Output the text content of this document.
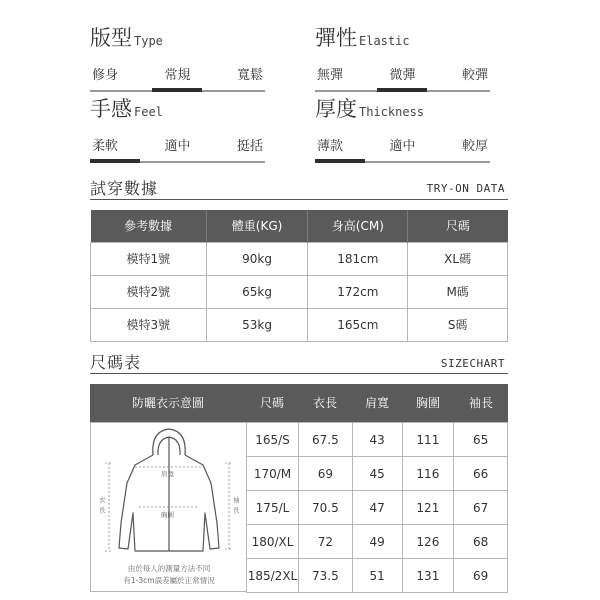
版型 Type
修身	常規	寬鬆
彈性 Elastic
無彈	微彈	較彈
手感 Feel
柔軟	適中	挺括
厚度 Thickness
薄款	適中	較厚
試穿數據	TRY-ON DATA
參考數據	體重(KG)	身高(CM)	尺碼
模特1號	90kg	181cm	XL碼
模特2號	65kg	172cm	M碼
模特3號	53kg	165cm	S碼
尺碼表	SIZECHART
防曬衣示意圖	尺碼	衣長	肩寬	胸圍	袖長
肩寬
胸圍
衣
長
袖
長
由於每人的測量方法不同
有1-3cm誤差屬於正常情況
165/S	67.5	43	111	65
170/M	69	45	116	66
175/L	70.5	47	121	67
180/XL	72	49	126	68
185/2XL	73.5	51	131	69
